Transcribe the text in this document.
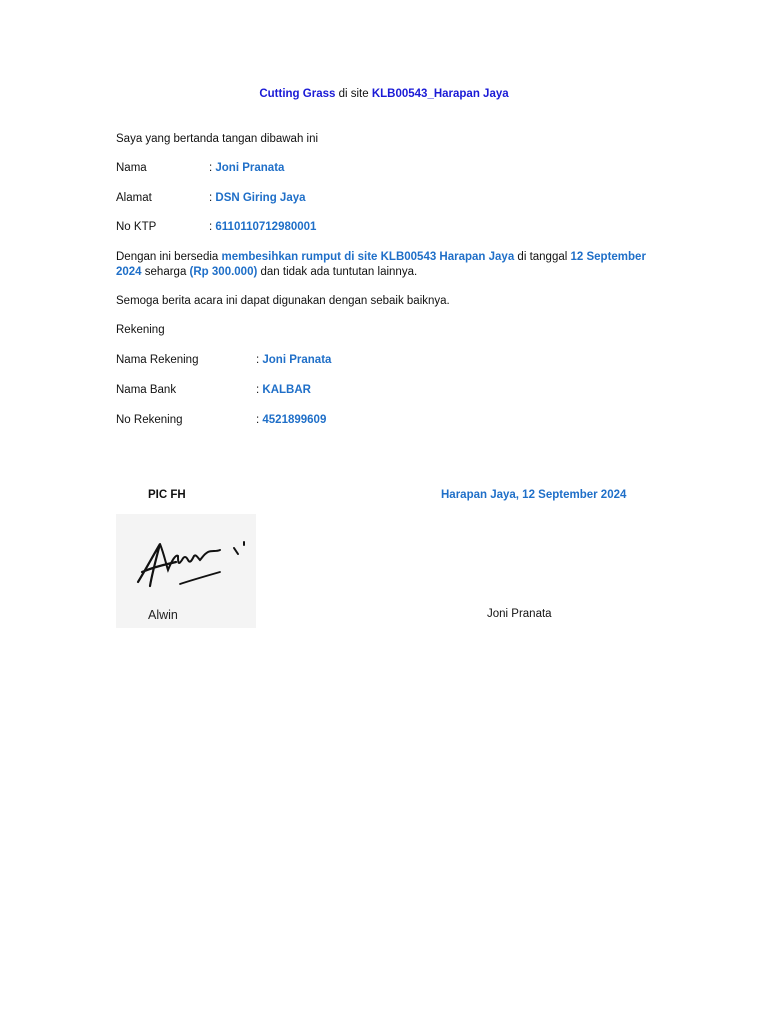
Cutting Grass di site KLB00543_Harapan Jaya
Saya yang bertanda tangan dibawah ini
Nama	: Joni Pranata
Alamat	: DSN Giring Jaya
No KTP	: 6110110712980001
Dengan ini bersedia membesihkan rumput di site KLB00543 Harapan Jaya di tanggal 12 September 2024 seharga (Rp 300.000) dan tidak ada tuntutan lainnya.
Semoga berita acara ini dapat digunakan dengan sebaik baiknya.
Rekening
Nama Rekening	: Joni Pranata
Nama Bank	: KALBAR
No Rekening	: 4521899609
PIC FH	Harapan Jaya, 12 September 2024
Alwin	Joni Pranata
